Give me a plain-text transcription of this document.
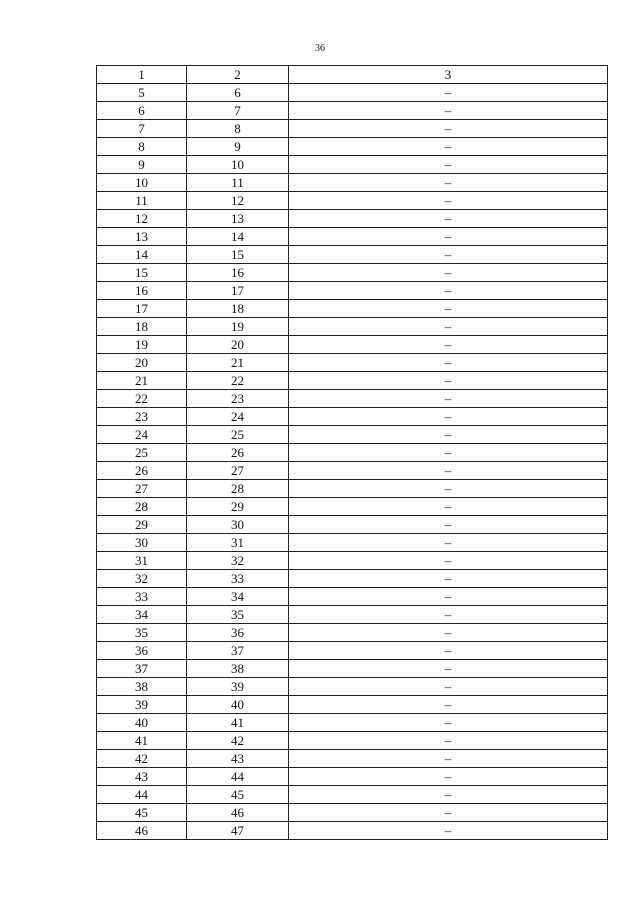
36
1	2	3
5	6	–
6	7	–
7	8	–
8	9	–
9	10	–
10	11	–
11	12	–
12	13	–
13	14	–
14	15	–
15	16	–
16	17	–
17	18	–
18	19	–
19	20	–
20	21	–
21	22	–
22	23	–
23	24	–
24	25	–
25	26	–
26	27	–
27	28	–
28	29	–
29	30	–
30	31	–
31	32	–
32	33	–
33	34	–
34	35	–
35	36	–
36	37	–
37	38	–
38	39	–
39	40	–
40	41	–
41	42	–
42	43	–
43	44	–
44	45	–
45	46	–
46	47	–
